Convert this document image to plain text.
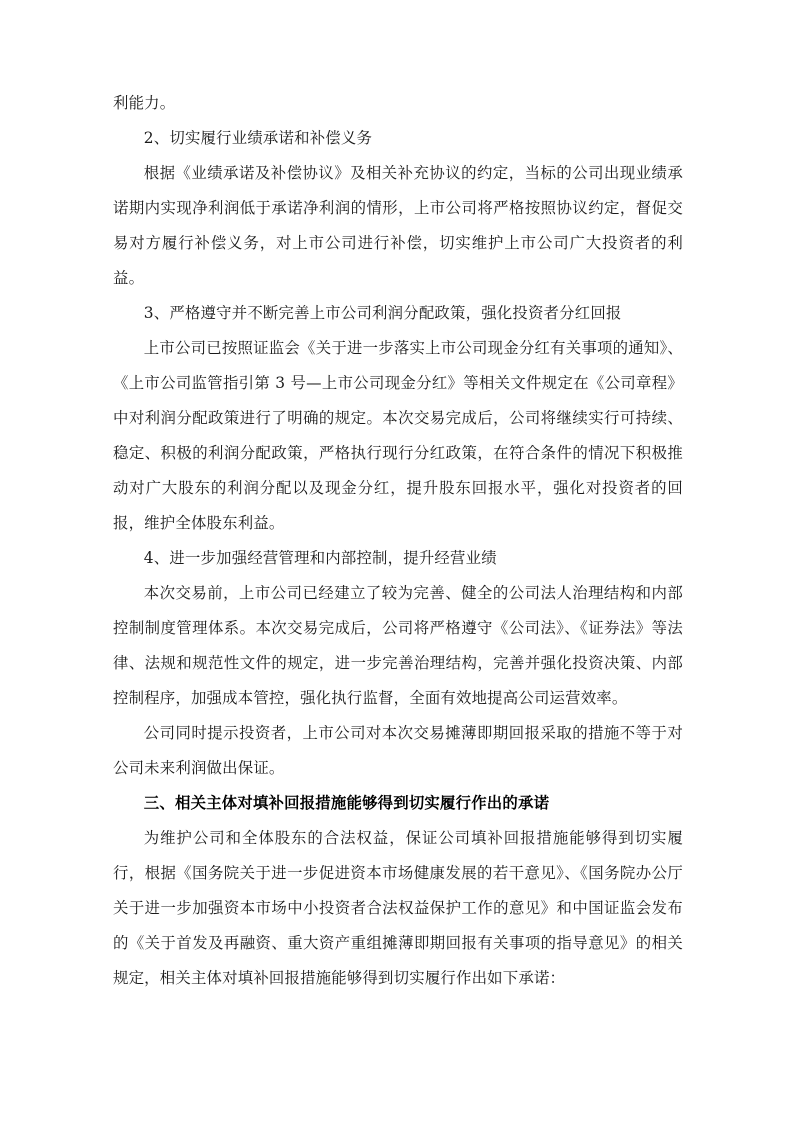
利能力。

2、切实履行业绩承诺和补偿义务

根据《业绩承诺及补偿协议》及相关补充协议的约定，当标的公司出现业绩承诺期内实现净利润低于承诺净利润的情形，上市公司将严格按照协议约定，督促交易对方履行补偿义务，对上市公司进行补偿，切实维护上市公司广大投资者的利益。

3、严格遵守并不断完善上市公司利润分配政策，强化投资者分红回报

上市公司已按照证监会《关于进一步落实上市公司现金分红有关事项的通知》、《上市公司监管指引第 3 号—上市公司现金分红》等相关文件规定在《公司章程》中对利润分配政策进行了明确的规定。本次交易完成后，公司将继续实行可持续、稳定、积极的利润分配政策，严格执行现行分红政策，在符合条件的情况下积极推动对广大股东的利润分配以及现金分红，提升股东回报水平，强化对投资者的回报，维护全体股东利益。

4、进一步加强经营管理和内部控制，提升经营业绩

本次交易前，上市公司已经建立了较为完善、健全的公司法人治理结构和内部控制制度管理体系。本次交易完成后，公司将严格遵守《公司法》、《证券法》等法律、法规和规范性文件的规定，进一步完善治理结构，完善并强化投资决策、内部控制程序，加强成本管控，强化执行监督，全面有效地提高公司运营效率。

公司同时提示投资者，上市公司对本次交易摊薄即期回报采取的措施不等于对公司未来利润做出保证。

三、相关主体对填补回报措施能够得到切实履行作出的承诺

为维护公司和全体股东的合法权益，保证公司填补回报措施能够得到切实履行，根据《国务院关于进一步促进资本市场健康发展的若干意见》、《国务院办公厅关于进一步加强资本市场中小投资者合法权益保护工作的意见》和中国证监会发布的《关于首发及再融资、重大资产重组摊薄即期回报有关事项的指导意见》的相关规定，相关主体对填补回报措施能够得到切实履行作出如下承诺：
